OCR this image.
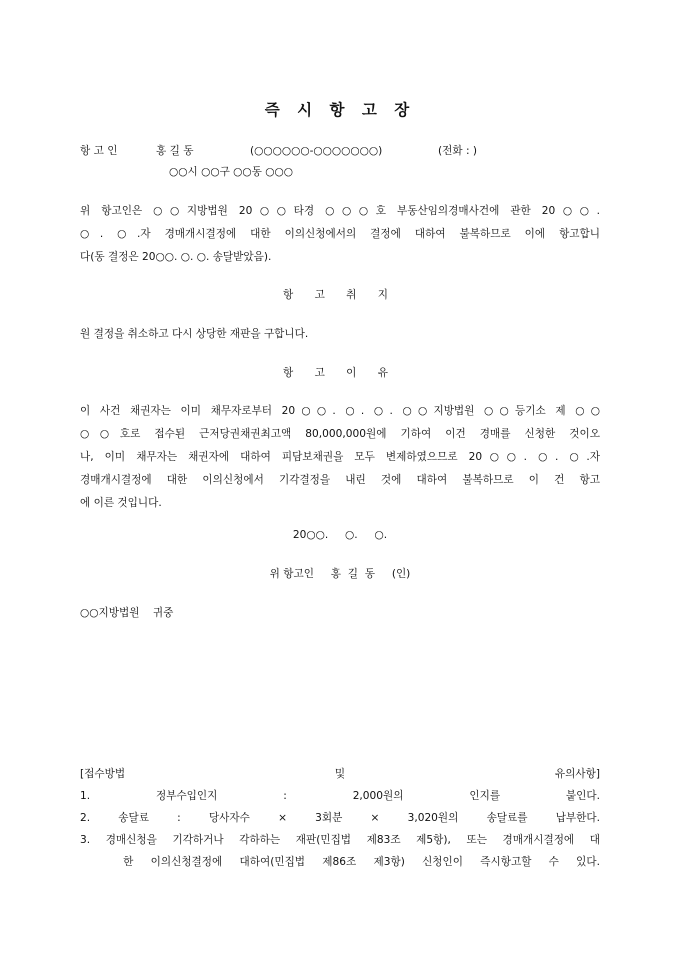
즉 시 항 고 장
항 고 인	홍 길 동	(○○○○○○-○○○○○○○)	(전화 : )
○○시 ○○구 ○○동 ○○○
위 항고인은 ○○지방법원 20○○타경 ○○○호 부동산임의경매사건에 관한 20○○.
○. ○.자 경매개시결정에 대한 이의신청에서의 결정에 대하여 불복하므로 이에 항고합니
다(동 결정은 20○○. ○. ○. 송달받았음).
항 고 취 지
원 결정을 취소하고 다시 상당한 재판을 구합니다.
항 고 이 유
이 사건 채권자는 이미 채무자로부터 20○○. ○. ○. ○○지방법원 ○○등기소 제 ○○
○○호로 접수된 근저당권채권최고액 80,000,000원에 기하여 이건 경매를 신청한 것이오
나, 이미 채무자는 채권자에 대하여 피담보채권을 모두 변제하였으므로 20○○. ○. ○.자
경매개시결정에 대한 이의신청에서 기각결정을 내린 것에 대하여 불복하므로 이 건 항고
에 이른 것입니다.
20○○.     ○.     ○.
위 항고인     홍  길  동     (인)
○○지방법원    귀중
[접수방법 및 유의사항]
1. 정부수입인지 : 2,000원의 인지를 붙인다.
2. 송달료 : 당사자수 × 3회분 × 3,020원의 송달료를 납부한다.
3. 경매신청을 기각하거나 각하하는 재판(민집법 제83조 제5항), 또는 경매개시결정에 대
한  이의신청결정에  대하여(민집법  제86조  제3항)  신청인이  즉시항고할  수  있다.
